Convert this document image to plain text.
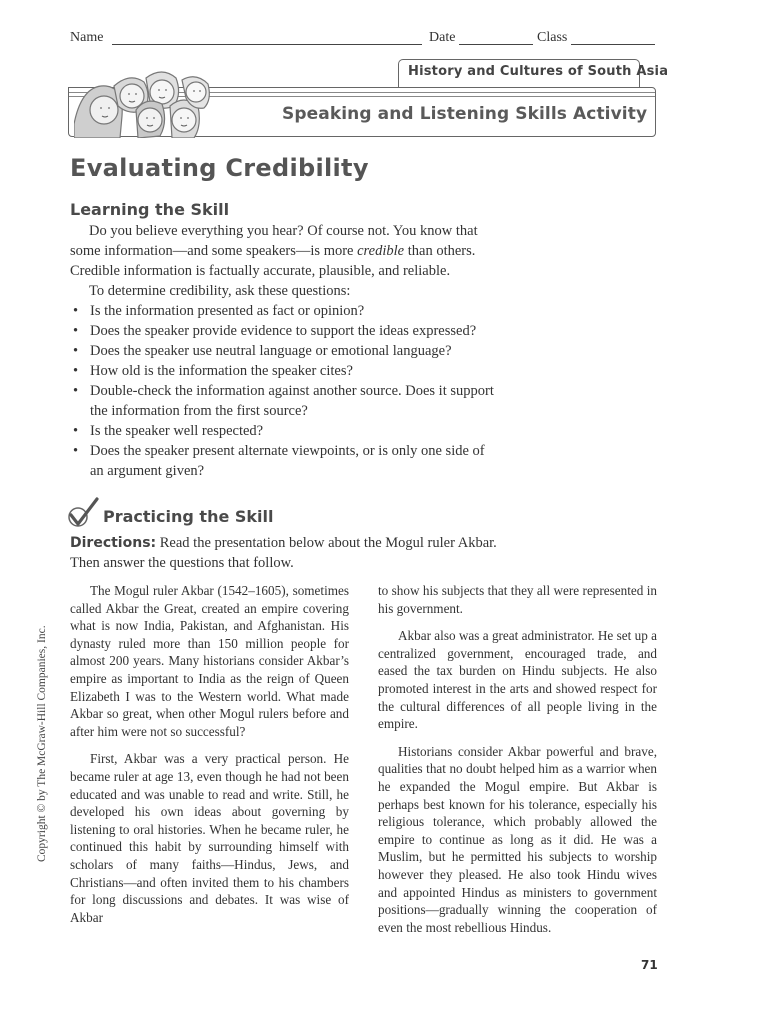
Name	Date	Class
History and Cultures of South Asia
Speaking and Listening Skills Activity
Evaluating Credibility
Learning the Skill

Do you believe everything you hear? Of course not. You know that

some information—and some speakers—is more credible than others.

Credible information is factually accurate, plausible, and reliable.

To determine credibility, ask these questions:

• Is the information presented as fact or opinion?
• Does the speaker provide evidence to support the ideas expressed?
• Does the speaker use neutral language or emotional language?
• How old is the information the speaker cites?
• Double-check the information against another source. Does it support the information from the first source?
• Is the speaker well respected?
• Does the speaker present alternate viewpoints, or is only one side of an argument given?
Practicing the Skill
Directions: Read the presentation below about the Mogul ruler Akbar. Then answer the questions that follow.

The Mogul ruler Akbar (1542–1605), sometimes called Akbar the Great, created an empire covering what is now India, Pakistan, and Afghanistan. His dynasty ruled more than 150 million people for almost 200 years. Many historians consider Akbar’s empire as important to India as the reign of Queen Elizabeth I was to the Western world. What made Akbar so great, when other Mogul rulers before and after him were not so successful?

First, Akbar was a very practical person. He became ruler at age 13, even though he had not been educated and was unable to read and write. Still, he developed his own ideas about governing by listening to oral histories. When he became ruler, he continued this habit by surrounding himself with scholars of many faiths—Hindus, Jews, and Christians—and often invited them to his chambers for long discussions and debates. It was wise of Akbar

to show his subjects that they all were represented in his government.

Akbar also was a great administrator. He set up a centralized government, encouraged trade, and eased the tax burden on Hindu subjects. He also promoted interest in the arts and showed respect for the cultural differences of all people living in the empire.

Historians consider Akbar powerful and brave, qualities that no doubt helped him as a warrior when he expanded the Mogul empire. But Akbar is perhaps best known for his tolerance, especially his religious tolerance, which probably allowed the empire to continue as long as it did. He was a Muslim, but he permitted his subjects to worship however they pleased. He also took Hindu wives and appointed Hindus as ministers to government positions—gradually winning the cooperation of even the most rebellious Hindus.

Copyright © by The McGraw-Hill Companies, Inc.
71
